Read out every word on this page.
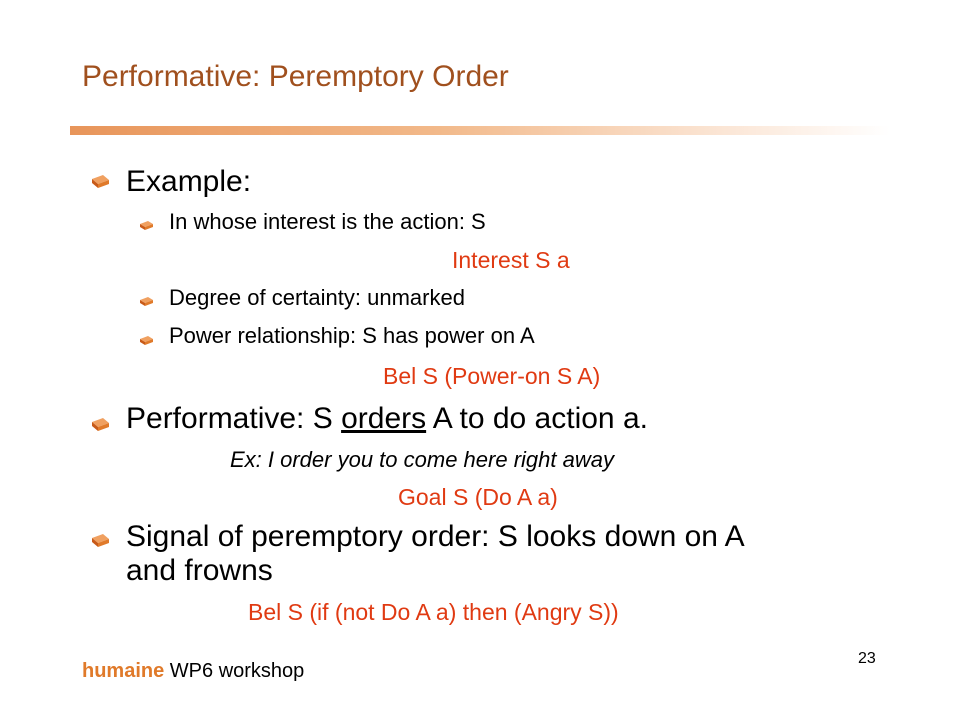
Performative: Peremptory Order
Example:
In whose interest is the action: S
Interest S a
Degree of certainty: unmarked
Power relationship: S has power on A
Bel S (Power-on S A)
Performative: S orders A to do action a.
Ex: I order you to come here right away
Goal S (Do A a)
Signal of peremptory order: S looks down on A
and frowns
Bel S (if (not Do A a) then (Angry S))
humaine WP6 workshop
23
